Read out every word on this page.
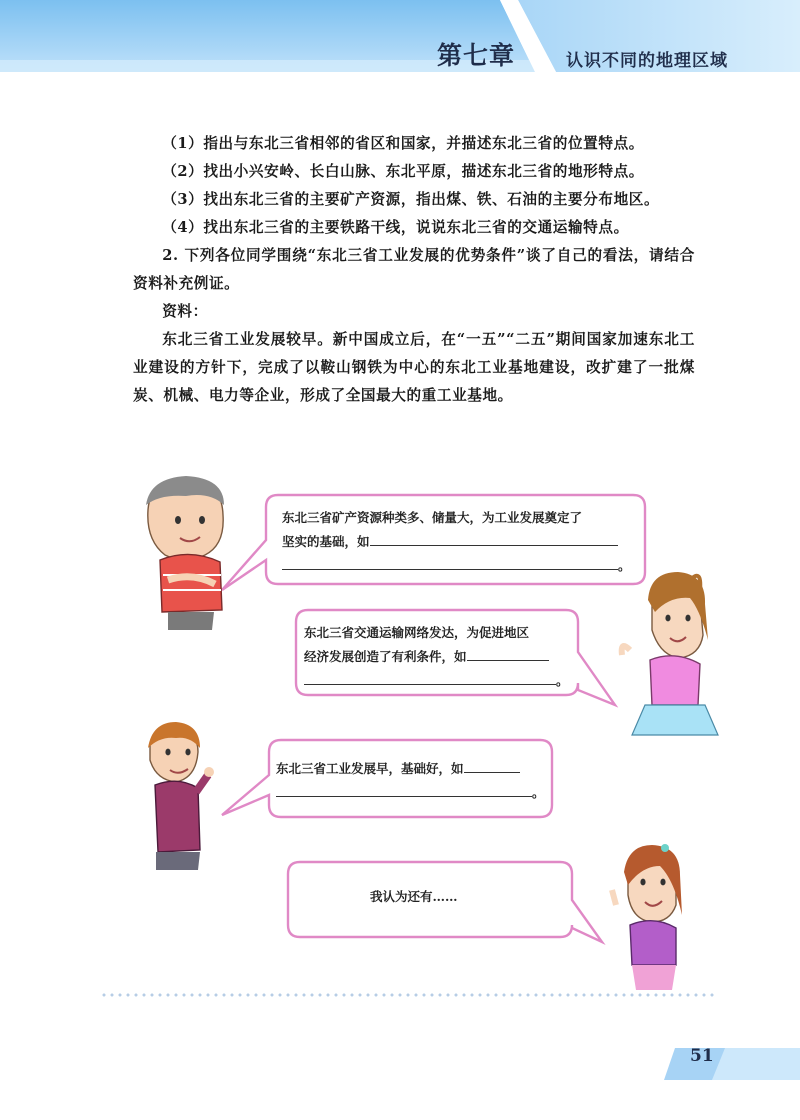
第七章	认识不同的地理区域

（1）指出与东北三省相邻的省区和国家，并描述东北三省的位置特点。

（2）找出小兴安岭、长白山脉、东北平原，描述东北三省的地形特点。

（3）找出东北三省的主要矿产资源，指出煤、铁、石油的主要分布地区。

（4）找出东北三省的主要铁路干线，说说东北三省的交通运输特点。

2. 下列各位同学围绕“东北三省工业发展的优势条件”谈了自己的看法，请结合资料补充例证。

资料：

东北三省工业发展较早。新中国成立后，在“一五”“二五”期间国家加速东北工业建设的方针下，完成了以鞍山钢铁为中心的东北工业基地建设，改扩建了一批煤炭、机械、电力等企业，形成了全国最大的重工业基地。

东北三省矿产资源种类多、储量大，为工业发展奠定了
坚实的基础，如
。
东北三省交通运输网络发达，为促进地区
经济发展创造了有利条件，如
。
东北三省工业发展早，基础好，如
。
我认为还有……
51
